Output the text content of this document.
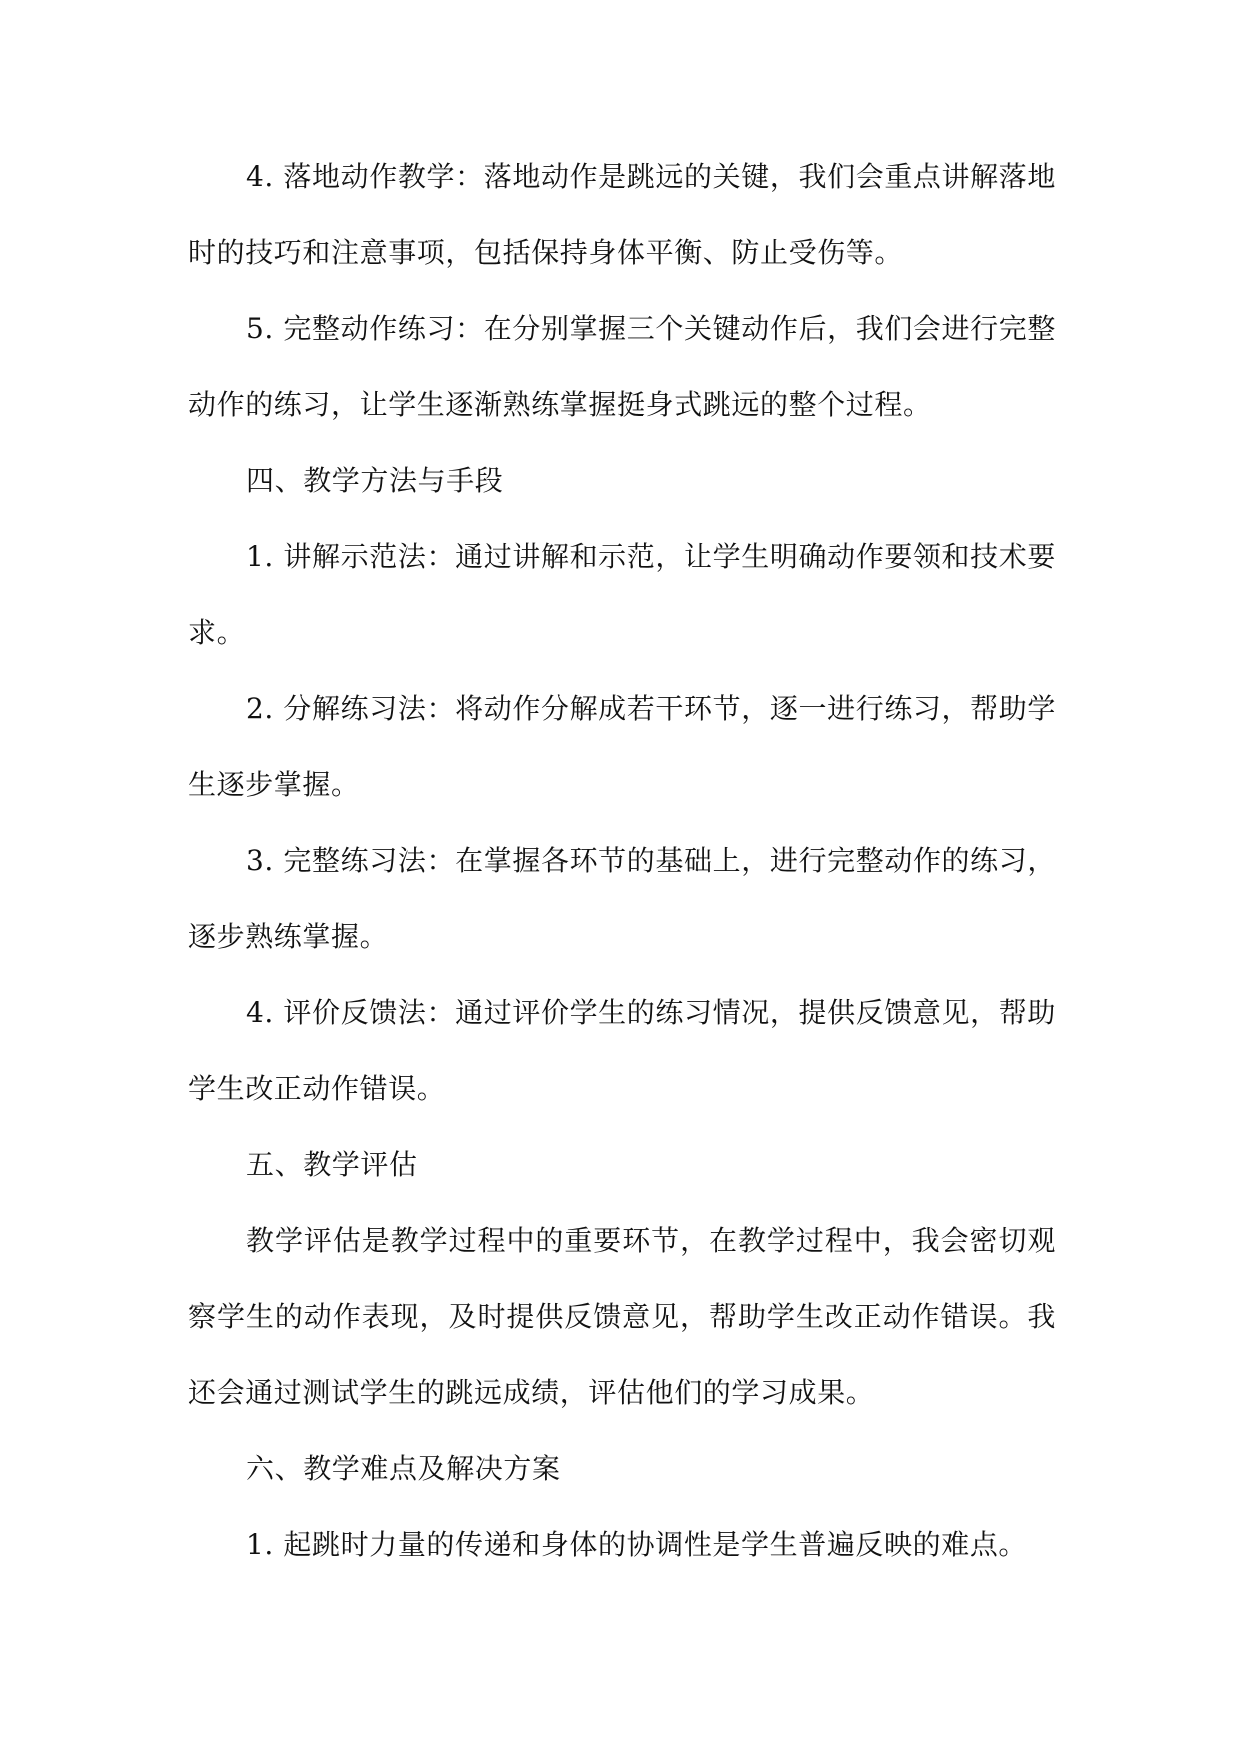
4. 落地动作教学：落地动作是跳远的关键，我们会重点讲解落地时的技巧和注意事项，包括保持身体平衡、防止受伤等。

5. 完整动作练习：在分别掌握三个关键动作后，我们会进行完整动作的练习，让学生逐渐熟练掌握挺身式跳远的整个过程。

四、教学方法与手段

1. 讲解示范法：通过讲解和示范，让学生明确动作要领和技术要求。

2. 分解练习法：将动作分解成若干环节，逐一进行练习，帮助学生逐步掌握。

3. 完整练习法：在掌握各环节的基础上，进行完整动作的练习，逐步熟练掌握。

4. 评价反馈法：通过评价学生的练习情况，提供反馈意见，帮助学生改正动作错误。

五、教学评估

教学评估是教学过程中的重要环节，在教学过程中，我会密切观察学生的动作表现，及时提供反馈意见，帮助学生改正动作错误。我还会通过测试学生的跳远成绩，评估他们的学习成果。

六、教学难点及解决方案

1. 起跳时力量的传递和身体的协调性是学生普遍反映的难点。
